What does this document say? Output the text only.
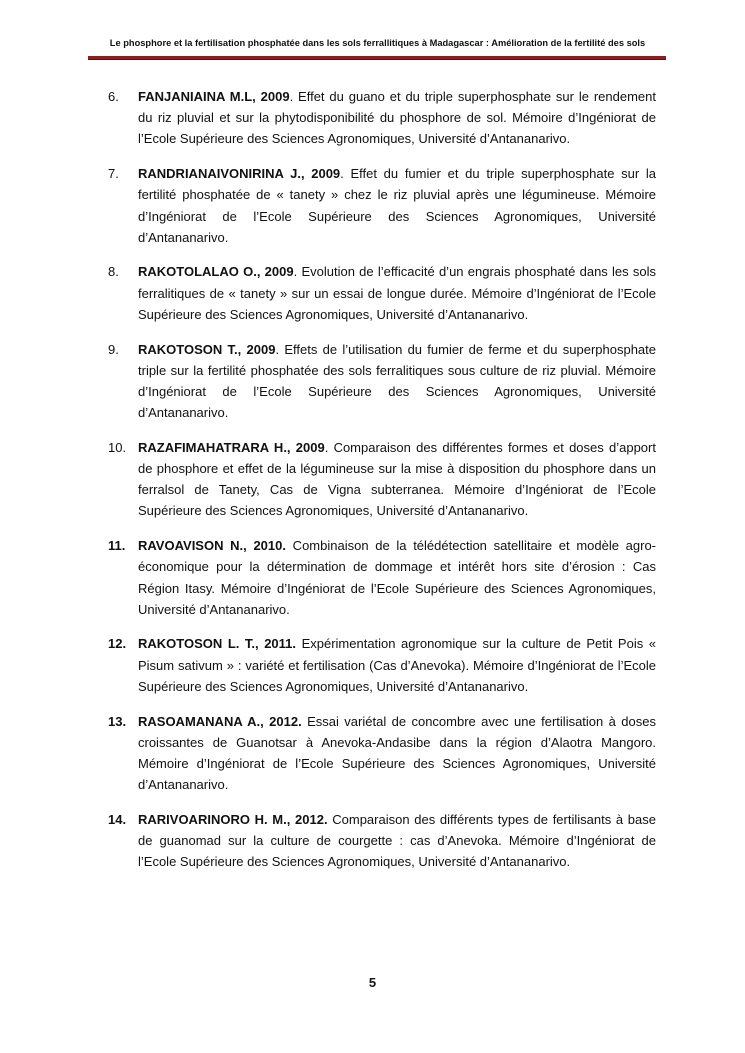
Le phosphore et la fertilisation phosphatée dans les sols ferrallitiques à Madagascar : Amélioration de la fertilité des sols
6. FANJANIAINA M.L, 2009. Effet du guano et du triple superphosphate sur le rendement du riz pluvial et sur la phytodisponibilité du phosphore de sol. Mémoire d’Ingéniorat de l’Ecole Supérieure des Sciences Agronomiques, Université d’Antananarivo.
7. RANDRIANAIVONIRINA J., 2009. Effet du fumier et du triple superphosphate sur la fertilité phosphatée de « tanety » chez le riz pluvial après une légumineuse. Mémoire d’Ingéniorat de l’Ecole Supérieure des Sciences Agronomiques, Université d’Antananarivo.
8. RAKOTOLALAO O., 2009. Evolution de l’efficacité d’un engrais phosphaté dans les sols ferralitiques de « tanety » sur un essai de longue durée. Mémoire d’Ingéniorat de l’Ecole Supérieure des Sciences Agronomiques, Université d’Antananarivo.
9. RAKOTOSON T., 2009. Effets de l’utilisation du fumier de ferme et du superphosphate triple sur la fertilité phosphatée des sols ferralitiques sous culture de riz pluvial. Mémoire d’Ingéniorat de l’Ecole Supérieure des Sciences Agronomiques, Université d’Antananarivo.
10. RAZAFIMAHATRARA H., 2009. Comparaison des différentes formes et doses d’apport de phosphore et effet de la légumineuse sur la mise à disposition du phosphore dans un ferralsol de Tanety, Cas de Vigna subterranea. Mémoire d’Ingéniorat de l’Ecole Supérieure des Sciences Agronomiques, Université d’Antananarivo.
11. RAVOAVISON N., 2010. Combinaison de la télédétection satellitaire et modèle agro-économique pour la détermination de dommage et intérêt hors site d’érosion : Cas Région Itasy. Mémoire d’Ingéniorat de l’Ecole Supérieure des Sciences Agronomiques, Université d’Antananarivo.
12. RAKOTOSON L. T., 2011. Expérimentation agronomique sur la culture de Petit Pois « Pisum sativum » : variété et fertilisation (Cas d’Anevoka). Mémoire d’Ingéniorat de l’Ecole Supérieure des Sciences Agronomiques, Université d’Antananarivo.
13. RASOAMANANA A., 2012. Essai variétal de concombre avec une fertilisation à doses croissantes de Guanotsar à Anevoka-Andasibe dans la région d’Alaotra Mangoro. Mémoire d’Ingéniorat de l’Ecole Supérieure des Sciences Agronomiques, Université d’Antananarivo.
14. RARIVOARINORO H. M., 2012. Comparaison des différents types de fertilisants à base de guanomad sur la culture de courgette : cas d’Anevoka. Mémoire d’Ingéniorat de l’Ecole Supérieure des Sciences Agronomiques, Université d’Antananarivo.
5
